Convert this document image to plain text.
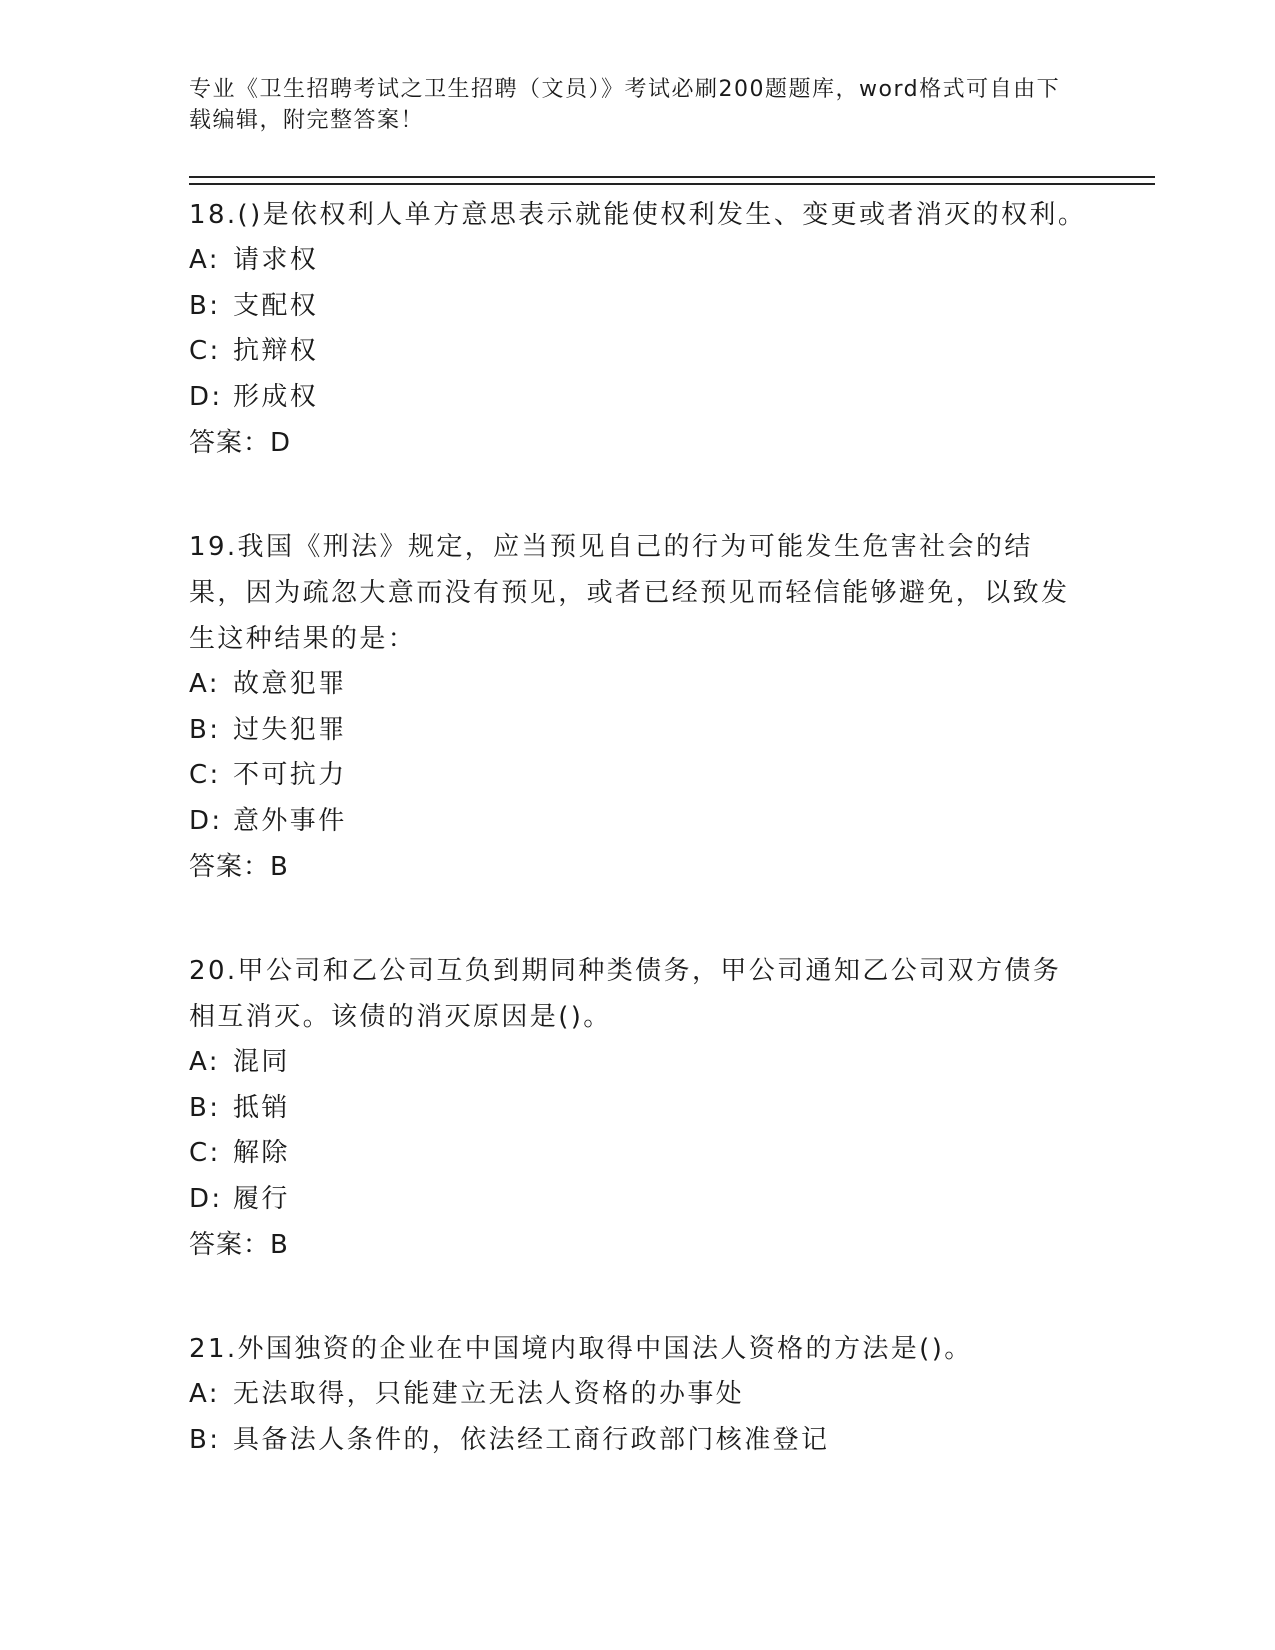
专业《卫生招聘考试之卫生招聘（文员）》考试必刷200题题库，word格式可自由下载编辑，附完整答案！
18.()是依权利人单方意思表示就能使权利发生、变更或者消灭的权利。
A: 请求权
B: 支配权
C: 抗辩权
D: 形成权
答案：D
19.我国《刑法》规定，应当预见自己的行为可能发生危害社会的结果，因为疏忽大意而没有预见，或者已经预见而轻信能够避免，以致发生这种结果的是：
A: 故意犯罪
B: 过失犯罪
C: 不可抗力
D: 意外事件
答案：B
20.甲公司和乙公司互负到期同种类债务，甲公司通知乙公司双方债务相互消灭。该债的消灭原因是()。
A: 混同
B: 抵销
C: 解除
D: 履行
答案：B
21.外国独资的企业在中国境内取得中国法人资格的方法是()。
A: 无法取得，只能建立无法人资格的办事处
B: 具备法人条件的，依法经工商行政部门核准登记
